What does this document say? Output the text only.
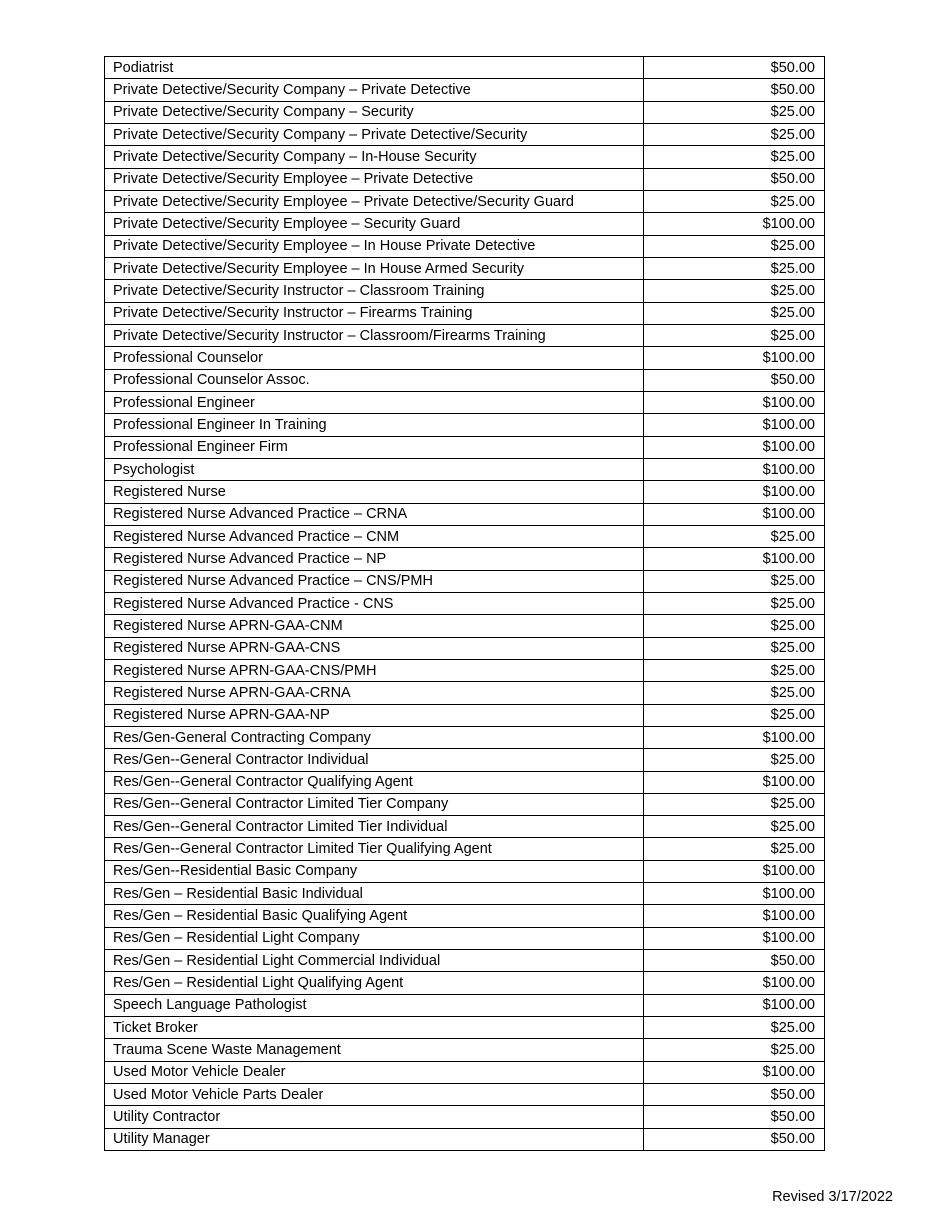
Podiatrist	$50.00
Private Detective/Security Company – Private Detective	$50.00
Private Detective/Security Company – Security	$25.00
Private Detective/Security Company – Private Detective/Security	$25.00
Private Detective/Security Company – In-House Security	$25.00
Private Detective/Security Employee – Private Detective	$50.00
Private Detective/Security Employee – Private Detective/Security Guard	$25.00
Private Detective/Security Employee – Security Guard	$100.00
Private Detective/Security Employee – In House Private Detective	$25.00
Private Detective/Security Employee – In House Armed Security	$25.00
Private Detective/Security Instructor – Classroom Training	$25.00
Private Detective/Security Instructor – Firearms Training	$25.00
Private Detective/Security Instructor – Classroom/Firearms Training	$25.00
Professional Counselor	$100.00
Professional Counselor Assoc.	$50.00
Professional Engineer	$100.00
Professional Engineer In Training	$100.00
Professional Engineer Firm	$100.00
Psychologist	$100.00
Registered Nurse	$100.00
Registered Nurse Advanced Practice – CRNA	$100.00
Registered Nurse Advanced Practice – CNM	$25.00
Registered Nurse Advanced Practice – NP	$100.00
Registered Nurse Advanced Practice – CNS/PMH	$25.00
Registered Nurse Advanced Practice - CNS	$25.00
Registered Nurse APRN-GAA-CNM	$25.00
Registered Nurse APRN-GAA-CNS	$25.00
Registered Nurse APRN-GAA-CNS/PMH	$25.00
Registered Nurse APRN-GAA-CRNA	$25.00
Registered Nurse APRN-GAA-NP	$25.00
Res/Gen-General Contracting Company	$100.00
Res/Gen--General Contractor Individual	$25.00
Res/Gen--General Contractor Qualifying Agent	$100.00
Res/Gen--General Contractor Limited Tier Company	$25.00
Res/Gen--General Contractor Limited Tier Individual	$25.00
Res/Gen--General Contractor Limited Tier Qualifying Agent	$25.00
Res/Gen--Residential Basic Company	$100.00
Res/Gen – Residential Basic Individual	$100.00
Res/Gen – Residential Basic Qualifying Agent	$100.00
Res/Gen – Residential Light Company	$100.00
Res/Gen – Residential Light Commercial Individual	$50.00
Res/Gen – Residential Light Qualifying Agent	$100.00
Speech Language Pathologist	$100.00
Ticket Broker	$25.00
Trauma Scene Waste Management	$25.00
Used Motor Vehicle Dealer	$100.00
Used Motor Vehicle Parts Dealer	$50.00
Utility Contractor	$50.00
Utility Manager	$50.00
Revised 3/17/2022
